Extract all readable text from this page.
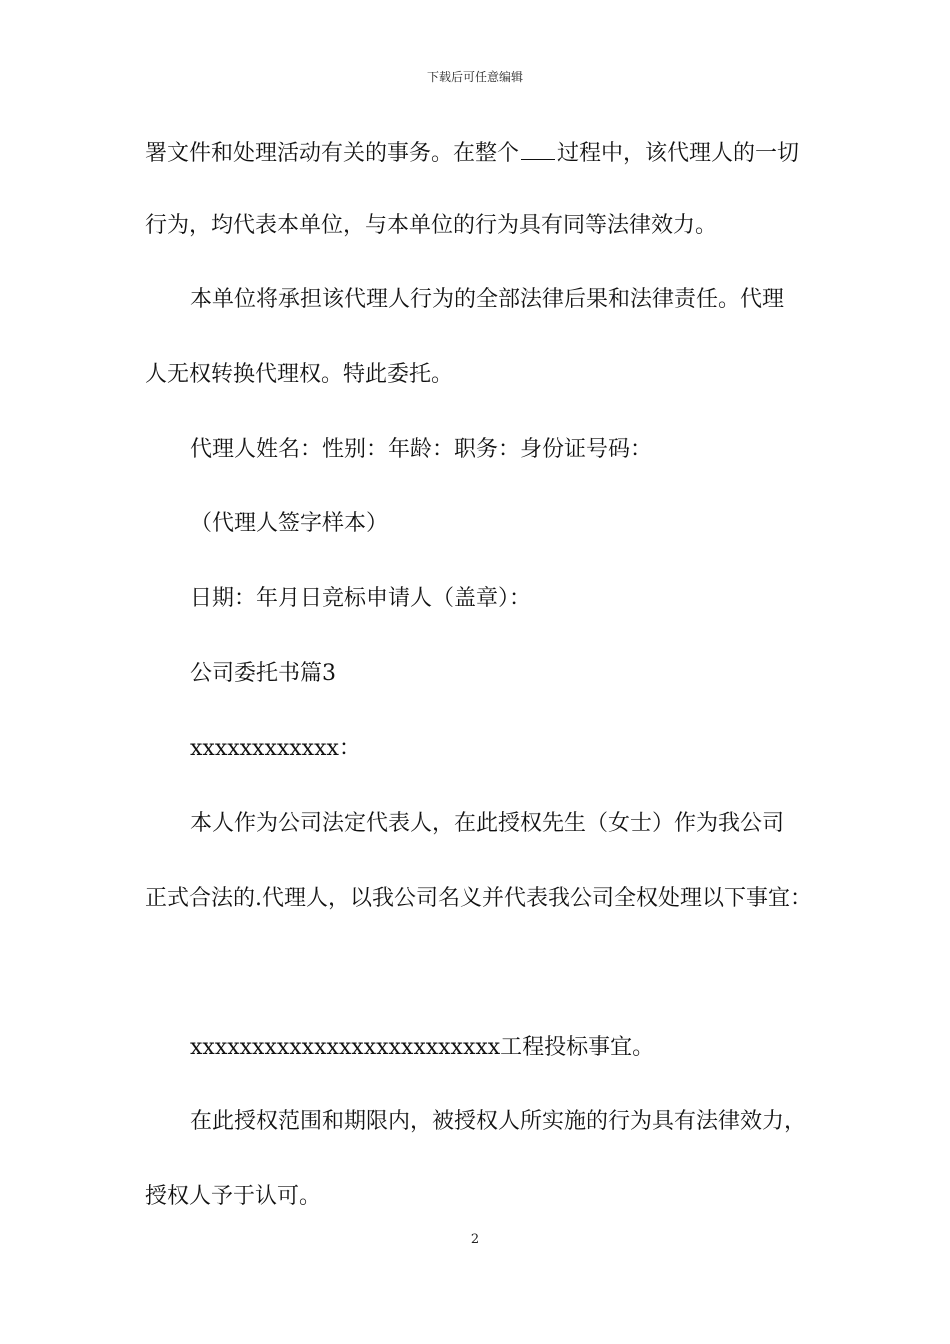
下载后可任意编辑
署文件和处理活动有关的事务。在整个 过程中，该代理人的一切
行为，均代表本单位，与本单位的行为具有同等法律效力。
本单位将承担该代理人行为的全部法律后果和法律责任。代理
人无权转换代理权。特此委托。
代理人姓名：性别：年龄：职务：身份证号码：
（代理人签字样本）
日期：年月日竞标申请人（盖章）：
公司委托书篇3
xxxxxxxxxxxx：
本人作为公司法定代表人，在此授权先生（女士）作为我公司
正式合法的.代理人，以我公司名义并代表我公司全权处理以下事宜：
xxxxxxxxxxxxxxxxxxxxxxxxx工程投标事宜。
在此授权范围和期限内，被授权人所实施的行为具有法律效力，
授权人予于认可。
2
